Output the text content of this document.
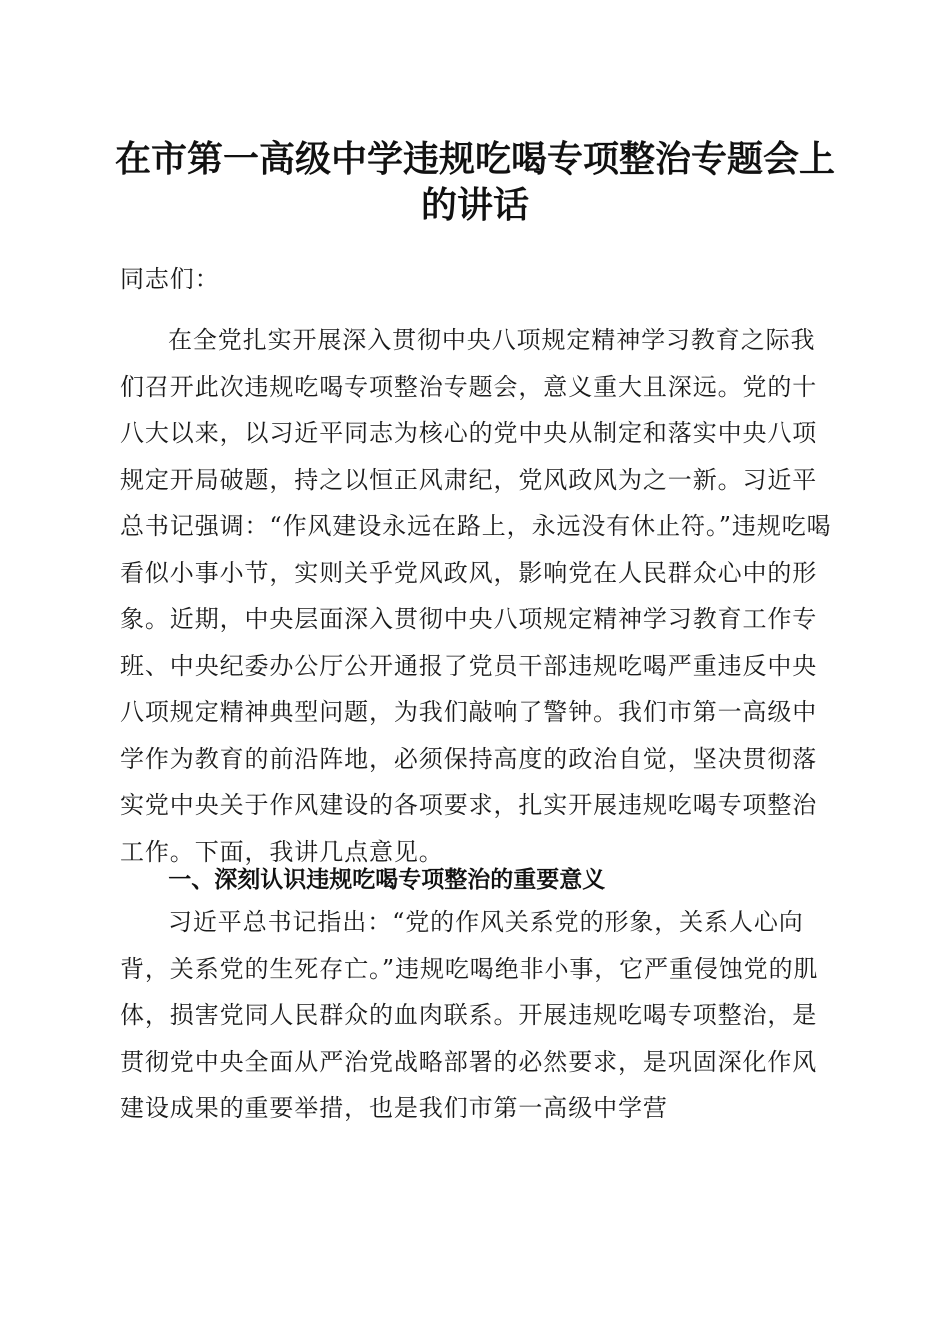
在市第一高级中学违规吃喝专项整治专题会上
的讲话
同志们：

在全党扎实开展深入贯彻中央八项规定精神学习教育之际我们召开此次违规吃喝专项整治专题会，意义重大且深远。党的十八大以来，以习近平同志为核心的党中央从制定和落实中央八项规定开局破题，持之以恒正风肃纪，党风政风为之一新。习近平总书记强调：“作风建设永远在路上，永远没有休止符。”违规吃喝看似小事小节，实则关乎党风政风，影响党在人民群众心中的形象。近期，中央层面深入贯彻中央八项规定精神学习教育工作专班、中央纪委办公厅公开通报了党员干部违规吃喝严重违反中央八项规定精神典型问题，为我们敲响了警钟。我们市第一高级中学作为教育的前沿阵地，必须保持高度的政治自觉，坚决贯彻落实党中央关于作风建设的各项要求，扎实开展违规吃喝专项整治工作。下面，我讲几点意见。

一、深刻认识违规吃喝专项整治的重要意义

习近平总书记指出：“党的作风关系党的形象，关系人心向背，关系党的生死存亡。”违规吃喝绝非小事，它严重侵蚀党的肌体，损害党同人民群众的血肉联系。开展违规吃喝专项整治，是贯彻党中央全面从严治党战略部署的必然要求，是巩固深化作风建设成果的重要举措，也是我们市第一高级中学营
